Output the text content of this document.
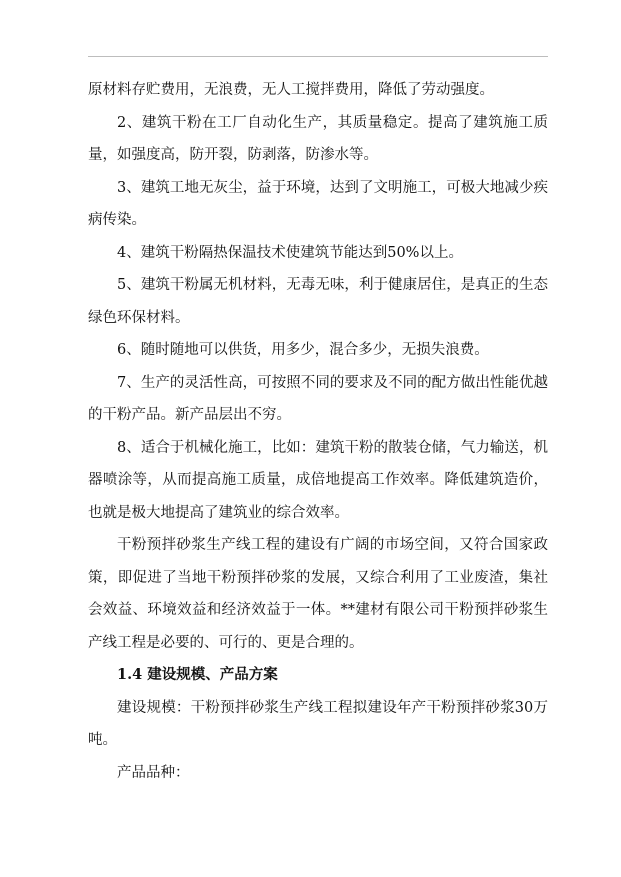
原材料存贮费用，无浪费，无人工搅拌费用，降低了劳动强度。

2、建筑干粉在工厂自动化生产，其质量稳定。提高了建筑施工质量，如强度高，防开裂，防剥落，防渗水等。

3、建筑工地无灰尘，益于环境，达到了文明施工，可极大地减少疾病传染。

4、建筑干粉隔热保温技术使建筑节能达到50%以上。

5、建筑干粉属无机材料，无毒无味，利于健康居住，是真正的生态绿色环保材料。

6、随时随地可以供货，用多少，混合多少，无损失浪费。

7、生产的灵活性高，可按照不同的要求及不同的配方做出性能优越的干粉产品。新产品层出不穷。

8、适合于机械化施工，比如：建筑干粉的散装仓储，气力输送，机器喷涂等，从而提高施工质量，成倍地提高工作效率。降低建筑造价，也就是极大地提高了建筑业的综合效率。

干粉预拌砂浆生产线工程的建设有广阔的市场空间，又符合国家政策，即促进了当地干粉预拌砂浆的发展，又综合利用了工业废渣，集社会效益、环境效益和经济效益于一体。**建材有限公司干粉预拌砂浆生产线工程是必要的、可行的、更是合理的。

1.4 建设规模、产品方案

建设规模：干粉预拌砂浆生产线工程拟建设年产干粉预拌砂浆30万吨。

产品品种：
